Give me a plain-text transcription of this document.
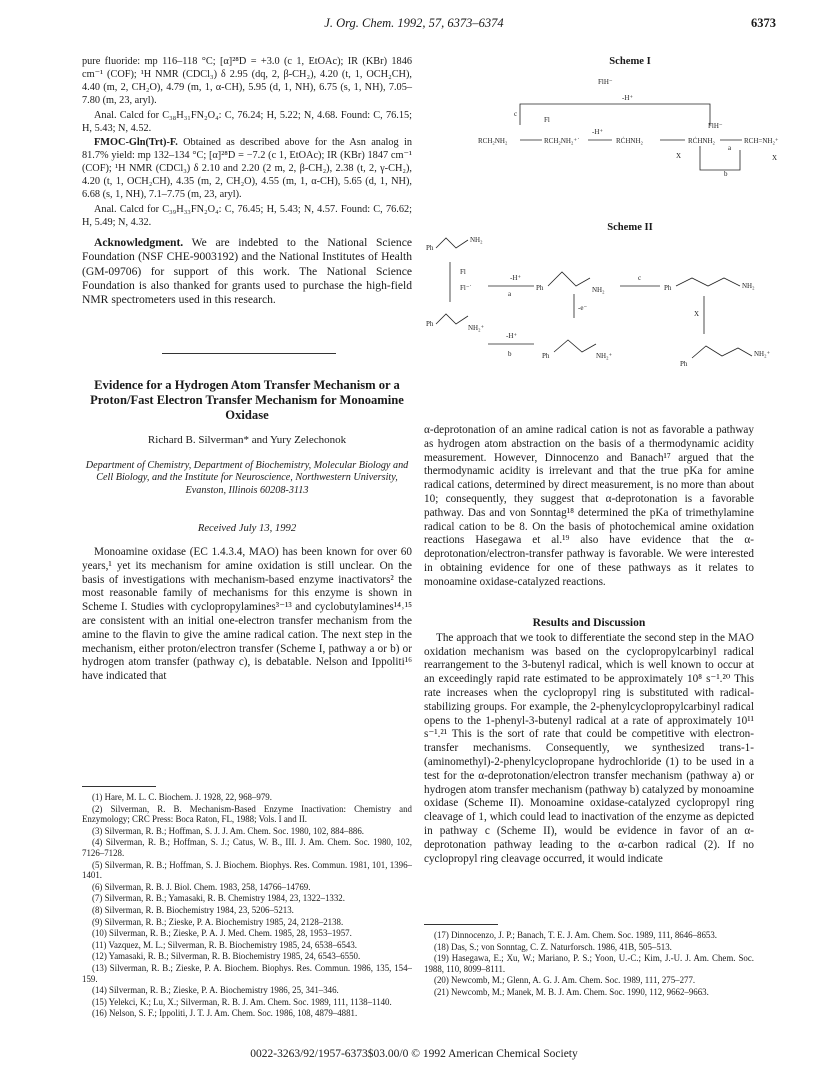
J. Org. Chem. 1992, 57, 6373–6374	6373

pure fluoride: mp 116–118 °C; [α]²⁸D = +3.0 (c 1, EtOAc); IR (KBr) 1846 cm⁻¹ (COF); ¹H NMR (CDCl₃) δ 2.95 (dq, 2, β-CH₂), 4.20 (t, 1, OCH₂CH), 4.40 (m, 2, CH₂O), 4.79 (m, 1, α-CH), 5.95 (d, 1, NH), 6.75 (s, 1, NH), 7.05–7.80 (m, 23, aryl).

Anal. Calcd for C₃₈H₃₁FN₂O₄: C, 76.24; H, 5.22; N, 4.68. Found: C, 76.15; H, 5.43; N, 4.52.

FMOC-Gln(Trt)-F. Obtained as described above for the Asn analog in 81.7% yield: mp 132–134 °C; [α]²⁸D = −7.2 (c 1, EtOAc); IR (KBr) 1847 cm⁻¹ (COF); ¹H NMR (CDCl₃) δ 2.10 and 2.20 (2 m, 2, β-CH₂), 2.38 (t, 2, γ-CH₂), 4.20 (t, 1, OCH₂CH), 4.35 (m, 2, CH₂O), 4.55 (m, 1, α-CH), 5.65 (d, 1, NH), 6.68 (s, 1, NH), 7.1–7.75 (m, 23, aryl).

Anal. Calcd for C₃₉H₃₃FN₂O₄: C, 76.45; H, 5.43; N, 4.57. Found: C, 76.62; H, 5.49; N, 4.32.

Acknowledgment. We are indebted to the National Science Foundation (NSF CHE-9003192) and the National Institutes of Health (GM-09706) for support of this work. The National Science Foundation is also thanked for grants used to purchase the high-field NMR spectrometers used in this research.

Evidence for a Hydrogen Atom Transfer Mechanism or a Proton/Fast Electron Transfer Mechanism for Monoamine Oxidase
Richard B. Silverman* and Yury Zelechonok
Department of Chemistry, Department of Biochemistry, Molecular Biology and Cell Biology, and the Institute for Neuroscience, Northwestern University, Evanston, Illinois 60208-3113
Received July 13, 1992

Monoamine oxidase (EC 1.4.3.4, MAO) has been known for over 60 years,¹ yet its mechanism for amine oxidation is still unclear. On the basis of investigations with mechanism-based enzyme inactivators² the most reasonable family of mechanisms for this enzyme is shown in Scheme I. Studies with cyclopropylamines³⁻¹³ and cyclobutylamines¹⁴˒¹⁵ are consistent with an initial one-electron transfer mechanism from the amine to the flavin to give the amine radical cation. The next step in the mechanism, either proton/electron transfer (Scheme I, pathway a or b) or hydrogen atom transfer (pathway c), is debatable. Nelson and Ippoliti¹⁶ have indicated that

Scheme I
FlH⁻
-H⁺
c
Fl
RCH₂NH₂	RCH₂NH₂⁺˙
-H⁺
RĊHNH₂	RĊHNH₂
a
FlH⁻
RCH=NH₂⁺
b
X	X
Scheme II
Ph
NH₂
Fl
Fl⁻˙
Ph	NH₂⁺
-H⁺
a
Ph	NH₂
c
Ph	NH₂
-e⁻
X
-H⁺
b	Ph	NH₂⁺
Ph
NH₂⁺

α-deprotonation of an amine radical cation is not as favorable a pathway as hydrogen atom abstraction on the basis of a thermodynamic acidity measurement. However, Dinnocenzo and Banach¹⁷ argued that the thermodynamic acidity is irrelevant and that the true pKa for amine radical cations, determined by direct measurement, is no more than about 10; consequently, they suggest that α-deprotonation is a favorable pathway. Das and von Sonntag¹⁸ determined the pKa of trimethylamine radical cation to be 8. On the basis of photochemical amine oxidation reactions Hasegawa et al.¹⁹ also have evidence that the α-deprotonation/electron-transfer pathway is favorable. We were interested in obtaining evidence for one of these pathways as it relates to monoamine oxidase-catalyzed reactions.

Results and Discussion

The approach that we took to differentiate the second step in the MAO oxidation mechanism was based on the cyclopropylcarbinyl radical rearrangement to the 3-butenyl radical, which is well known to occur at an exceedingly rapid rate estimated to be approximately 10⁸ s⁻¹.²⁰ This rate increases when the cyclopropyl ring is substituted with radical-stabilizing groups. For example, the 2-phenylcyclopropylcarbinyl radical opens to the 1-phenyl-3-butenyl radical at a rate of approximately 10¹¹ s⁻¹.²¹ This is the sort of rate that could be competitive with electron-transfer mechanisms. Consequently, we synthesized trans-1-(aminomethyl)-2-phenylcyclopropane hydrochloride (1) to be used in a test for the α-deprotonation/electron transfer mechanism (pathway a) or hydrogen atom transfer mechanism (pathway b) catalyzed by monoamine oxidase (Scheme II). Monoamine oxidase-catalyzed cyclopropyl ring cleavage of 1, which could lead to inactivation of the enzyme as depicted in pathway c (Scheme II), would be evidence in favor of an α-deprotonation pathway leading to the α-carbon radical (2). If no cyclopropyl ring cleavage occurred, it would indicate

(1) Hare, M. L. C. Biochem. J. 1928, 22, 968–979.
(2) Silverman, R. B. Mechanism-Based Enzyme Inactivation: Chemistry and Enzymology; CRC Press: Boca Raton, FL, 1988; Vols. I and II.
(3) Silverman, R. B.; Hoffman, S. J. J. Am. Chem. Soc. 1980, 102, 884–886.
(4) Silverman, R. B.; Hoffman, S. J.; Catus, W. B., III. J. Am. Chem. Soc. 1980, 102, 7126–7128.
(5) Silverman, R. B.; Hoffman, S. J. Biochem. Biophys. Res. Commun. 1981, 101, 1396–1401.
(6) Silverman, R. B. J. Biol. Chem. 1983, 258, 14766–14769.
(7) Silverman, R. B.; Yamasaki, R. B. Chemistry 1984, 23, 1322–1332.
(8) Silverman, R. B. Biochemistry 1984, 23, 5206–5213.
(9) Silverman, R. B.; Zieske, P. A. Biochemistry 1985, 24, 2128–2138.
(10) Silverman, R. B.; Zieske, P. A. J. Med. Chem. 1985, 28, 1953–1957.
(11) Vazquez, M. L.; Silverman, R. B. Biochemistry 1985, 24, 6538–6543.
(12) Yamasaki, R. B.; Silverman, R. B. Biochemistry 1985, 24, 6543–6550.
(13) Silverman, R. B.; Zieske, P. A. Biochem. Biophys. Res. Commun. 1986, 135, 154–159.
(14) Silverman, R. B.; Zieske, P. A. Biochemistry 1986, 25, 341–346.
(15) Yelekci, K.; Lu, X.; Silverman, R. B. J. Am. Chem. Soc. 1989, 111, 1138–1140.
(16) Nelson, S. F.; Ippoliti, J. T. J. Am. Chem. Soc. 1986, 108, 4879–4881.
(17) Dinnocenzo, J. P.; Banach, T. E. J. Am. Chem. Soc. 1989, 111, 8646–8653.
(18) Das, S.; von Sonntag, C. Z. Naturforsch. 1986, 41B, 505–513.
(19) Hasegawa, E.; Xu, W.; Mariano, P. S.; Yoon, U.-C.; Kim, J.-U. J. Am. Chem. Soc. 1988, 110, 8099–8111.
(20) Newcomb, M.; Glenn, A. G. J. Am. Chem. Soc. 1989, 111, 275–277.
(21) Newcomb, M.; Manek, M. B. J. Am. Chem. Soc. 1990, 112, 9662–9663.
0022-3263/92/1957-6373$03.00/0 © 1992 American Chemical Society
